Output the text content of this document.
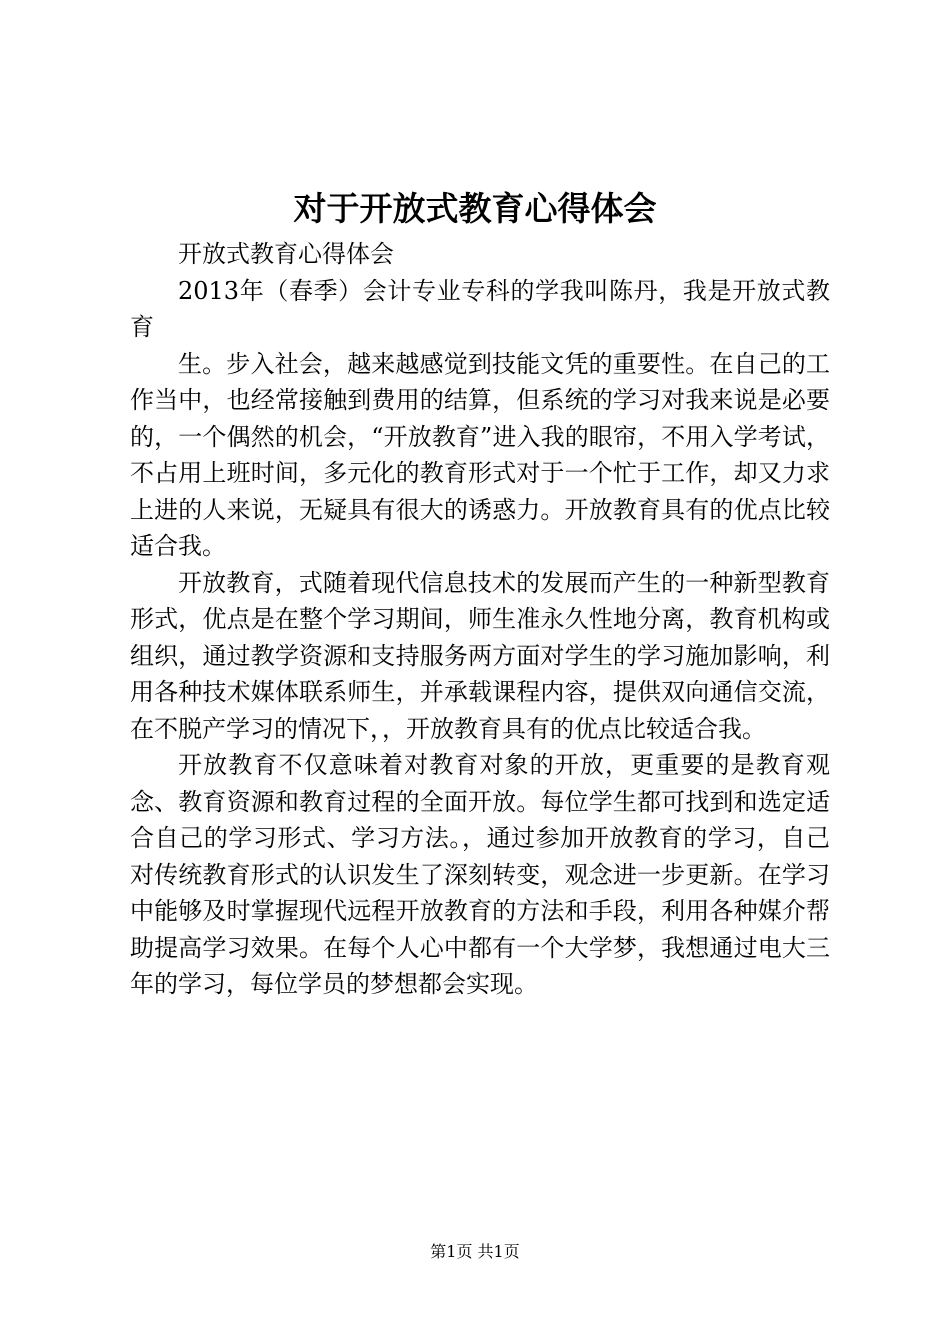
对于开放式教育心得体会

开放式教育心得体会

2013年（春季）会计专业专科的学我叫陈丹，我是开放式教育

生。步入社会，越来越感觉到技能文凭的重要性。在自己的工作当中，也经常接触到费用的结算，但系统的学习对我来说是必要的，一个偶然的机会，“开放教育”进入我的眼帘，不用入学考试，不占用上班时间，多元化的教育形式对于一个忙于工作，却又力求上进的人来说，无疑具有很大的诱惑力。开放教育具有的优点比较适合我。

开放教育，式随着现代信息技术的发展而产生的一种新型教育形式，优点是在整个学习期间，师生准永久性地分离，教育机构或组织，通过教学资源和支持服务两方面对学生的学习施加影响，利用各种技术媒体联系师生，并承载课程内容，提供双向通信交流，在不脱产学习的情况下，，开放教育具有的优点比较适合我。

开放教育不仅意味着对教育对象的开放，更重要的是教育观念、教育资源和教育过程的全面开放。每位学生都可找到和选定适合自己的学习形式、学习方法。，通过参加开放教育的学习，自己对传统教育形式的认识发生了深刻转变，观念进一步更新。在学习中能够及时掌握现代远程开放教育的方法和手段，利用各种媒介帮助提高学习效果。在每个人心中都有一个大学梦，我想通过电大三年的学习，每位学员的梦想都会实现。

第1页 共1页
